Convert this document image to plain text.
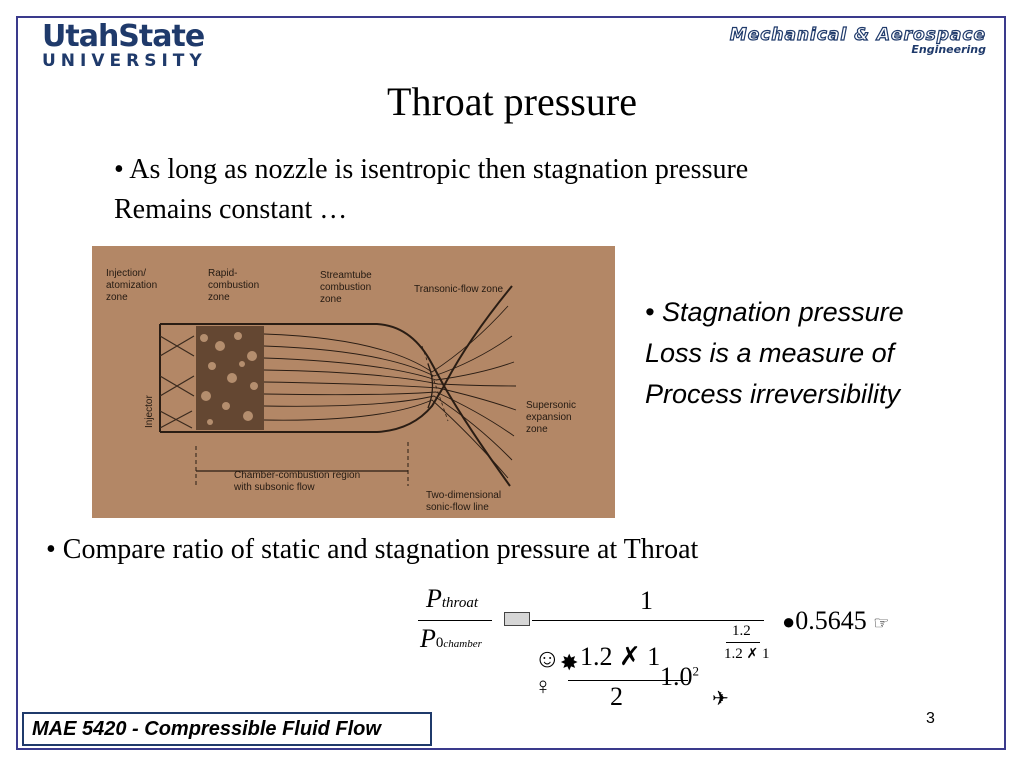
UtahState
UNIVERSITY
Mechanical & Aerospace
Engineering
Throat pressure
• As long as nozzle is isentropic then stagnation pressure
Remains constant …
Injection/
atomization
zone
Rapid-
combustion
zone
Streamtube
combustion
zone
Transonic-flow zone
Injector	Supersonic
expansion
zone
Chamber-combustion region
with subsonic flow
Two-dimensional
sonic-flow line
• Stagnation pressure
Loss is a measure of
Process irreversibility
• Compare ratio of static and stagnation pressure at Throat
Pthroat
P0chamber
1
1.2
1.2 ✗ 1
☺ ✸ 1.2 ✗ 1
$1.0^2$
2
♀	✈
●0.5645 ☞
MAE 5420 - Compressible Fluid Flow	3
